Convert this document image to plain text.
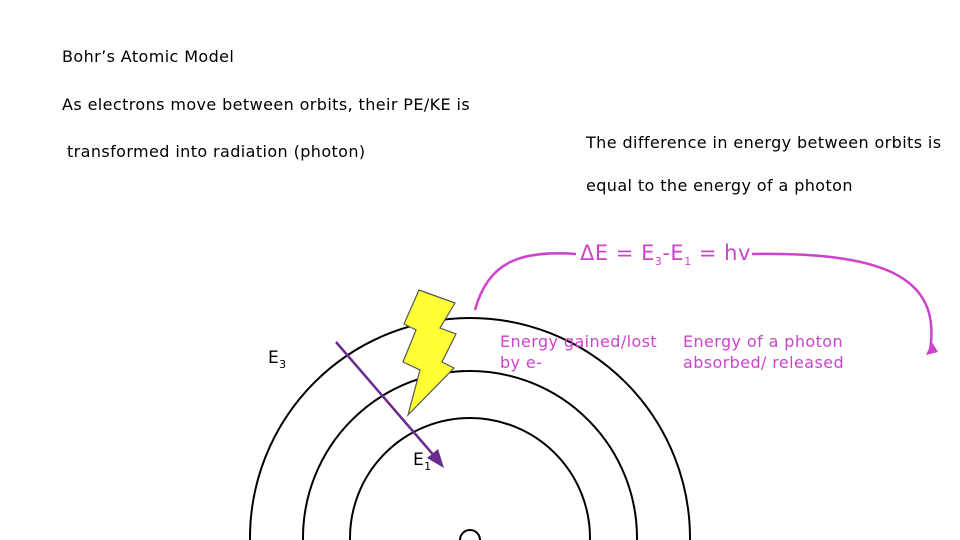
Bohr’s Atomic Model
As electrons move between orbits, their PE/KE is
transformed into radiation (photon)	The difference in energy between orbits is
equal to the energy of a photon
$\Delta E = E_3-E_1$ = hv
Energy gained/lost
by e-
Energy of a photon
absorbed/ released
$E_3$
$E_1$
